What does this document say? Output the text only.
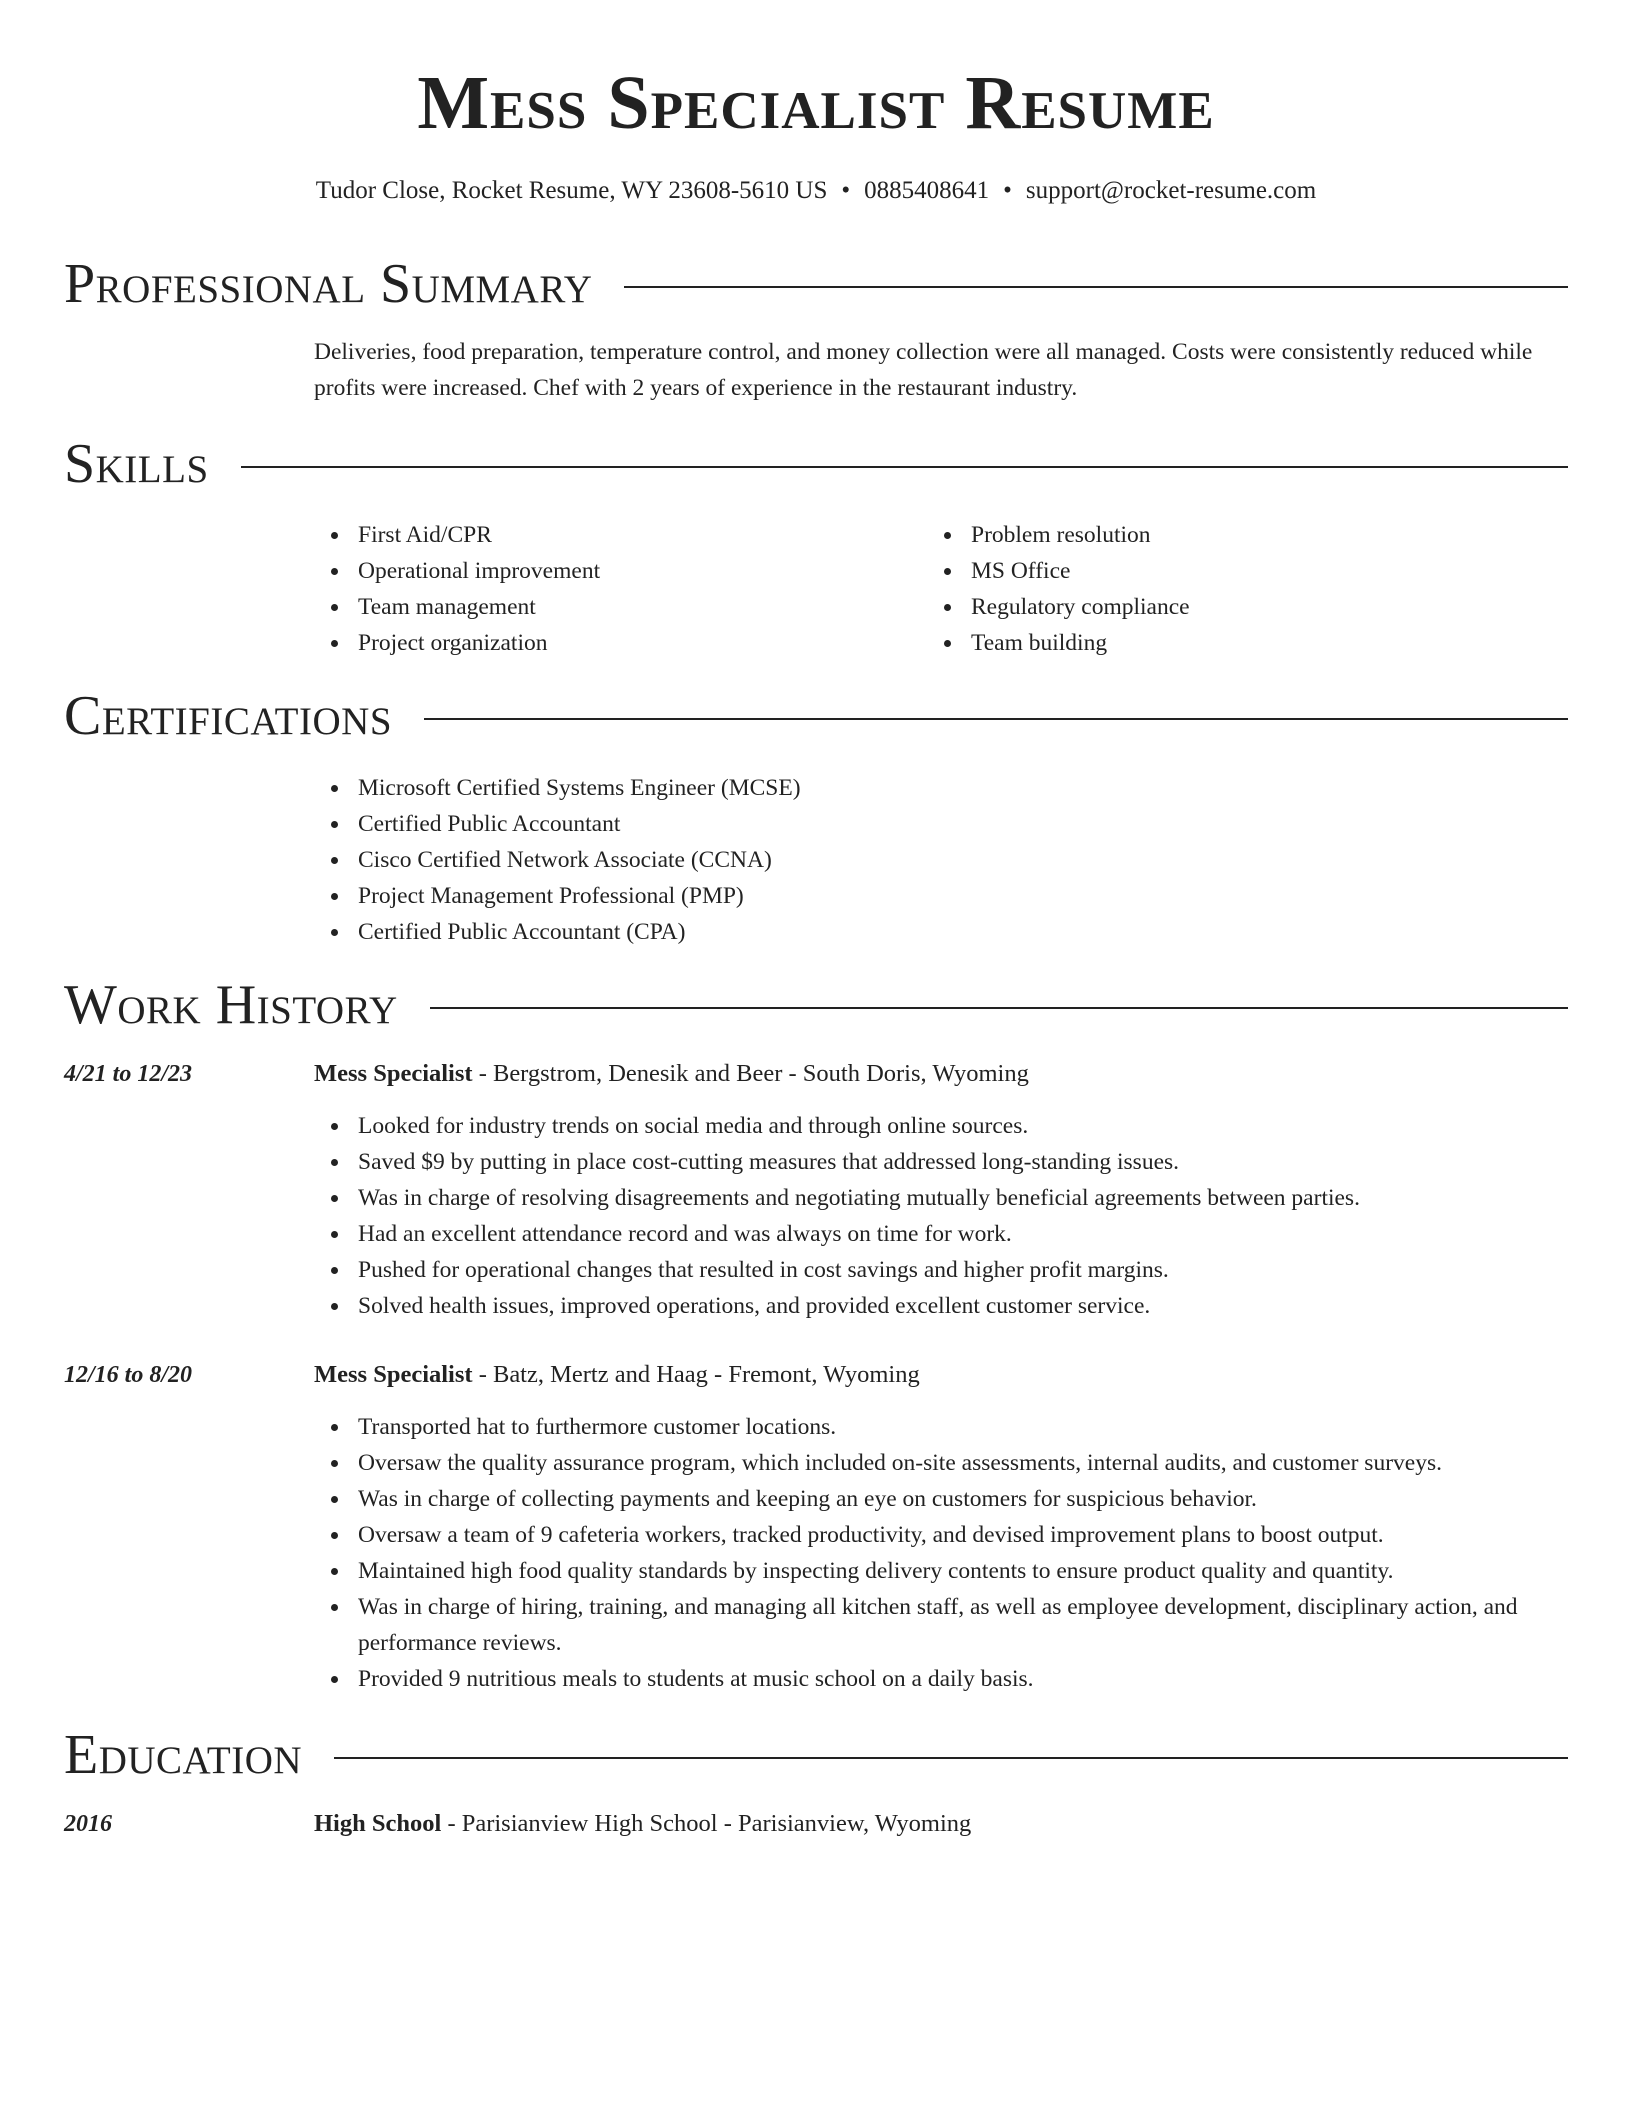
Mess Specialist Resume
Tudor Close, Rocket Resume, WY 23608-5610 US • 0885408641 • support@rocket-resume.com
Professional Summary
Deliveries, food preparation, temperature control, and money collection were all managed. Costs were consistently reduced while profits were increased. Chef with 2 years of experience in the restaurant industry.
Skills
First Aid/CPR
Operational improvement
Team management
Project organization
Problem resolution
MS Office
Regulatory compliance
Team building
Certifications
Microsoft Certified Systems Engineer (MCSE)
Certified Public Accountant
Cisco Certified Network Associate (CCNA)
Project Management Professional (PMP)
Certified Public Accountant (CPA)
Work History
4/21 to 12/23	Mess Specialist - Bergstrom, Denesik and Beer - South Doris, Wyoming
Looked for industry trends on social media and through online sources.
Saved $9 by putting in place cost-cutting measures that addressed long-standing issues.
Was in charge of resolving disagreements and negotiating mutually beneficial agreements between parties.
Had an excellent attendance record and was always on time for work.
Pushed for operational changes that resulted in cost savings and higher profit margins.
Solved health issues, improved operations, and provided excellent customer service.
12/16 to 8/20	Mess Specialist - Batz, Mertz and Haag - Fremont, Wyoming
Transported hat to furthermore customer locations.
Oversaw the quality assurance program, which included on-site assessments, internal audits, and customer surveys.
Was in charge of collecting payments and keeping an eye on customers for suspicious behavior.
Oversaw a team of 9 cafeteria workers, tracked productivity, and devised improvement plans to boost output.
Maintained high food quality standards by inspecting delivery contents to ensure product quality and quantity.
Was in charge of hiring, training, and managing all kitchen staff, as well as employee development, disciplinary action, and performance reviews.
Provided 9 nutritious meals to students at music school on a daily basis.
Education
2016	High School - Parisianview High School - Parisianview, Wyoming
